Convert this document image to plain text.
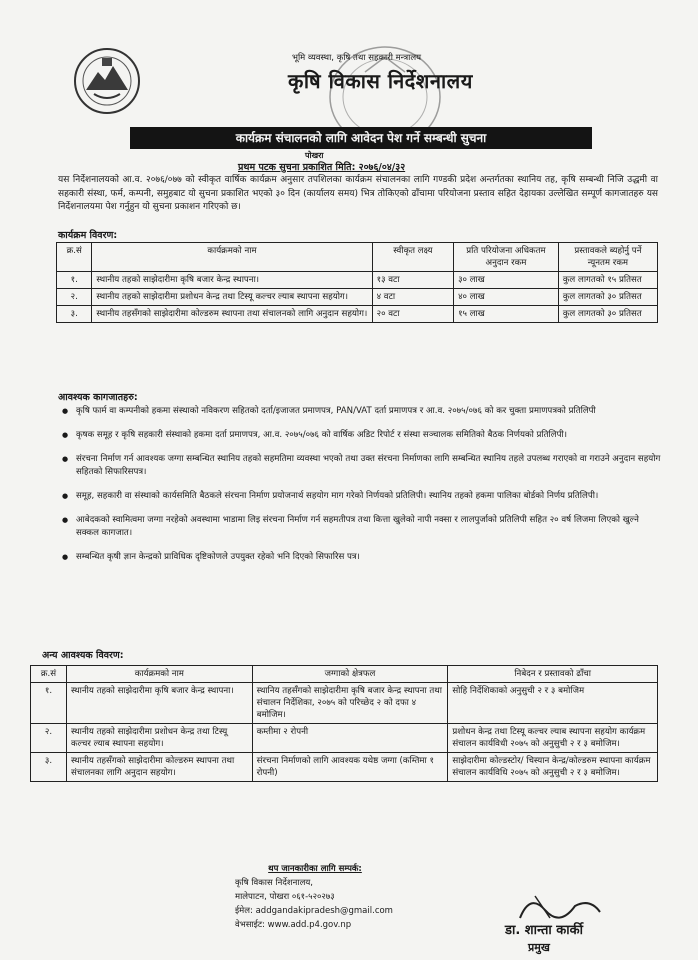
भूमि व्यवस्था, कृषि तथा सहकारी मन्त्रालय
कृषि विकास निर्देशनालय
कार्यक्रम संचालनको लागि आवेदन पेश गर्ने सम्बन्धी सुचना
पोखरा
प्रथम पटक सुचना प्रकाशित मिति: २०७६/०४/३२
यस निर्देशनालयको आ.व. २०७६/०७७ को स्वीकृत वार्षिक कार्यक्रम अनुसार तपशिलका कार्यक्रम संचालनका लागि गण्डकी प्रदेश अन्तर्गतका स्थानिय तह, कृषि सम्बन्धी निजि उद्धमी वा सहकारी संस्था, फर्म, कम्पनी, समुहबाट यो सुचना प्रकाशित भएको ३० दिन (कार्यालय समय) भित्र तोकिएको ढाँचामा परियोजना प्रस्ताव सहित देहायका उल्लेखित सम्पूर्ण कागजातहरु यस निर्देशनालयमा पेश गर्नुहुन यो सुचना प्रकाशन गरिएको छ।
कार्यक्रम विवरण:
क्र.सं	कार्यक्रमको नाम	स्वीकृत लक्ष्य	प्रति परियोजना अधिकतम अनुदान रकम	प्रस्तावकले ब्यहोर्नु पर्ने न्यूनतम रकम
१.	स्थानीय तहको साझेदारीमा कृषि बजार केन्द्र स्थापना।	१३ वटा	३० लाख	कुल लागतको १५ प्रतिसत
२.	स्थानीय तहको साझेदारीमा प्रशोधन केन्द्र तथा टिस्यू कल्चर ल्याब स्थापना सहयोग।	४ वटा	४० लाख	कुल लागतको ३० प्रतिसत
३.	स्थानीय तहसँगको साझेदारीमा कोल्डरुम स्थापना तथा संचालनको लागि अनुदान सहयोग।	२० वटा	१५ लाख	कुल लागतको ३० प्रतिसत
आवश्यक कागजातहरु:
● कृषि फार्म वा कम्पनीको हकमा संस्थाको नविकरण सहितको दर्ता/इजाजत प्रमाणपत्र, PAN/VAT दर्ता प्रमाणपत्र र आ.व. २०७५/०७६ को कर चुक्ता प्रमाणपत्रको प्रतिलिपी
● कृषक समूह र कृषि सहकारी संस्थाको हकमा दर्ता प्रमाणपत्र, आ.व. २०७५/०७६ को वार्षिक अडिट रिपोर्ट र संस्था सञ्चालक समितिको बैठक निर्णयको प्रतिलिपी।
● संरचना निर्माण गर्न आवश्यक जग्गा सम्बन्धित स्थानिय तहको सहमतिमा व्यवस्था भएको तथा उक्त संरचना निर्माणका लागि सम्बन्धित स्थानिय तहले उपलब्ध गराएको वा गराउने अनुदान सहयोग सहितको सिफारिसपत्र।
● समूह, सहकारी वा संस्थाको कार्यसमिति बैठकले संरचना निर्माण प्रयोजनार्थ सहयोग माग गरेको निर्णयको प्रतिलिपी। स्थानिय तहको हकमा पालिका बोर्डको निर्णय प्रतिलिपी।
● आबेदकको स्वामित्वमा जग्गा नरहेको अवस्थामा भाडामा लिइ संरचना निर्माण गर्न सहमतीपत्र तथा कित्ता खुलेको नापी नक्सा र लालपुर्जाको प्रतिलिपी सहित २० वर्ष लिजमा लिएको खुल्ने सक्कल कागजात।
● सम्बन्धित कृषी ज्ञान केन्द्रको प्राविधिक दृष्टिकोणले उपयुक्त रहेको भनि दिएको सिफारिस पत्र।
अन्य आवश्यक विवरण:
क्र.सं	कार्यक्रमको नाम	जग्गाको क्षेत्रफल	निबेदन र प्रस्तावको ढाँचा
१.	स्थानीय तहको साझेदारीमा कृषि बजार केन्द्र स्थापना।	स्थानिय तहसँगको साझेदारीमा कृषि बजार केन्द्र स्थापना तथा संचालन निर्देशिका, २०७५ को परिच्छेद २ को दफा ४ बमोजिम।	सोहि निर्देशिकाको अनुसुची २ र ३ बमोजिम
२.	स्थानीय तहको साझेदारीमा प्रशोधन केन्द्र तथा टिस्यू कल्चर ल्याब स्थापना सहयोग।	कम्तीमा २ रोपनी	प्रशोधन केन्द्र तथा टिस्यू कल्चर ल्याब स्थापना सहयोग कार्यक्रम संचालन कार्यविधी २०७५ को अनुसुची २ र ३ बमोजिम।
३.	स्थानीय तहसँगको साझेदारीमा कोल्डरुम स्थापना तथा संचालनका लागि अनुदान सहयोग।	संरचना निर्माणको लागि आवश्यक यथेष्ठ जग्गा (कम्तिमा १ रोपनी)	साझेदारीमा कोल्डस्टोर/ चिस्यान केन्द्र/कोल्डरुम स्थापना कार्यक्रम संचालन कार्यविधि २०७५ को अनुसुची २ र ३ बमोजिम।
थप जानकारीका लागि सम्पर्क:
कृषि विकास निर्देशनालय,
मालेपाटन, पोखरा ०६१-५२०२७३
ईमेल: addgandakipradesh@gmail.com
वेभसाईट: www.add.p4.gov.np	डा. शान्ता कार्की
प्रमुख
